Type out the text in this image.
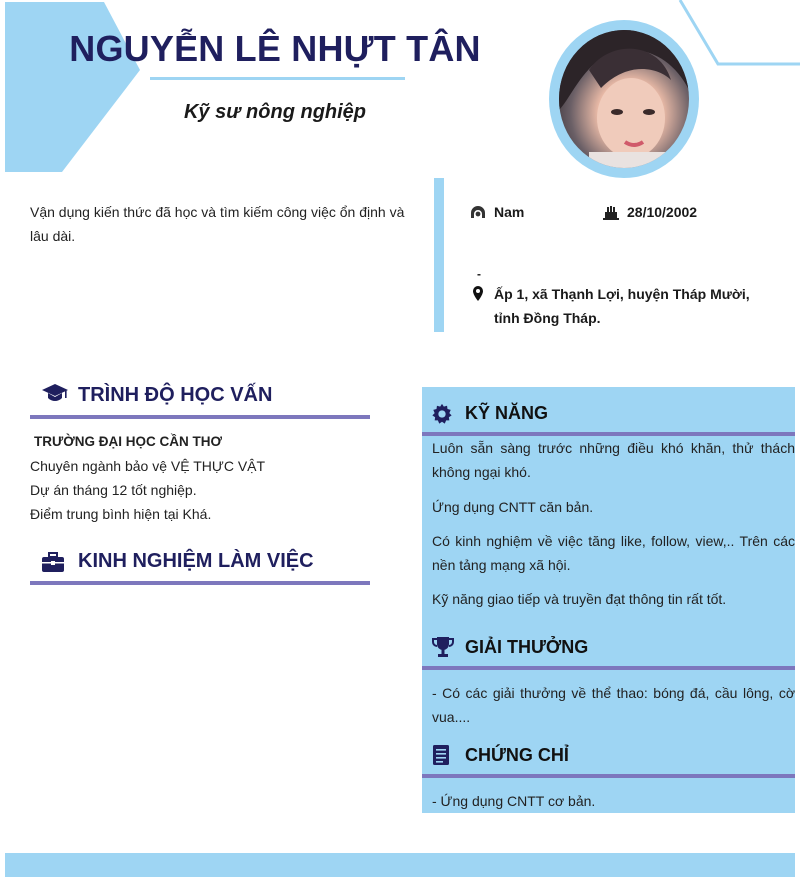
NGUYỄN LÊ NHỰT TÂN
Kỹ sư nông nghiệp
Vận dụng kiến thức đã học và tìm kiếm công việc ổn định và lâu dài.
Nam	28/10/2002
-
Ấp 1, xã Thạnh Lợi, huyện Tháp Mười, tỉnh Đồng Tháp.
TRÌNH ĐỘ HỌC VẤN
TRƯỜNG ĐẠI HỌC CẦN THƠ
Chuyên ngành bảo vệ VỆ THỰC VẬT
Dự án tháng 12 tốt nghiệp.
Điểm trung bình hiện tại Khá.
KINH NGHIỆM LÀM VIỆC
KỸ NĂNG
Luôn sẵn sàng trước những điều khó khăn, thử thách không ngại khó.
Ứng dụng CNTT căn bản.
Có kinh nghiệm về việc tăng like, follow, view,.. Trên các nền tảng mạng xã hội.
Kỹ năng giao tiếp và truyền đạt thông tin rất tốt.
GIẢI THƯỞNG
- Có các giải thưởng về thể thao: bóng đá, cầu lông, cờ vua....
CHỨNG CHỈ
- Ứng dụng CNTT cơ bản.
